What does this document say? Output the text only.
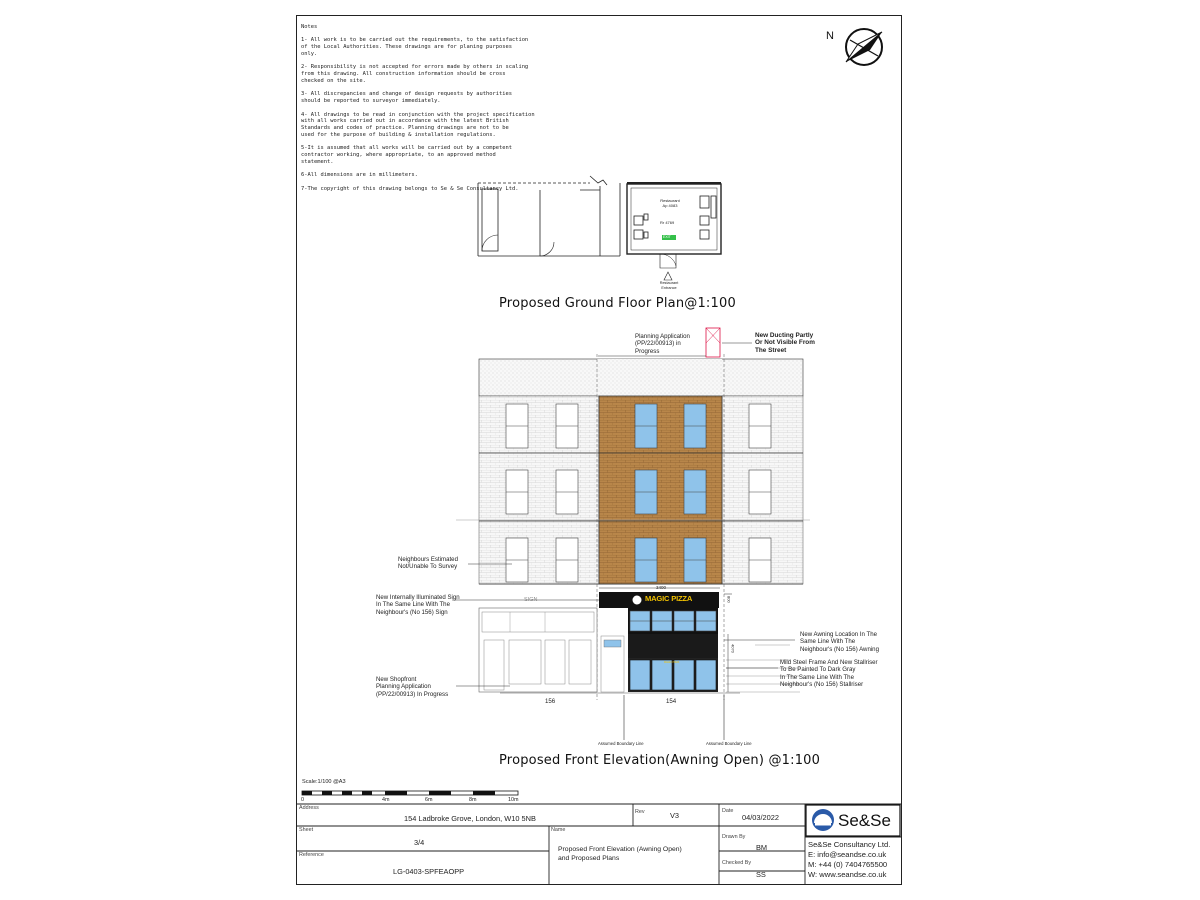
Notes

1- All work is to be carried out the requirements, to the satisfaction
of the Local Authorities. These drawings are for planing purposes
only.

2- Responsibility is not accepted for errors made by others in scaling
from this drawing. All construction information should be cross
checked on the site.

3- All discrepancies and change of design requests by authorities
should be reported to surveyor immediately.

4- All drawings to be read in conjunction with the project specification
with all works carried out in accordance with the latest British
Standards and codes of practice. Planning drawings are not to be
used for the purpose of building & installation regulations.

5-It is assumed that all works will be carried out by a competent
contractor working, where appropriate, to an approved method
statement.

6-All dimensions are in millimeters.

7-The copyright of this drawing belongs to Se & Se Consultancy Ltd.

N
Restaurant
Ap 4083
Rr 4769
EXIT
Restaurant
Entrance
Proposed Ground Floor Plan@1:100
Planning Application
(PP/22/00913) in
Progress
New Ducting Partly
Or Not Visible From
The Street
Neighbours Estimated
Not/Unable To Survey
New Internally Illuminated Sign
In The Same Line With The
Neighbour's (No 156) Sign
New Awning Location In The
Same Line With The
Neighbour's (No 156) Awning
Mild Steel Frame And New Stallriser
To Be Painted To Dark Gray
In The Same Line With The
Neighbour's (No 156) Stallriser
New Shopfront
Planning Application
(PP/22/00913) In Progress
Assumed Boundary Line	Assumed Boundary Line
156	154
3400
800
4070
MAGIC PIZZA
SIGN
MAGIC PIZZA
Proposed Front Elevation(Awning Open) @1:100
Scale:1/100 @A3
0	4m	6m	8m	10m
Address
154 Ladbroke Grove, London, W10 5NB
Rev	V3	Date
04/03/2022
Sheet
3/4
Name
Proposed Front Elevation (Awning Open)
and Proposed Plans
Drawn By
BM
Reference
LG-0403-SPFEAOPP
Checked By
SS
Se&Se
Se&Se Consultancy Ltd.
E: info@seandse.co.uk
M: +44 (0) 7404765500
W: www.seandse.co.uk
